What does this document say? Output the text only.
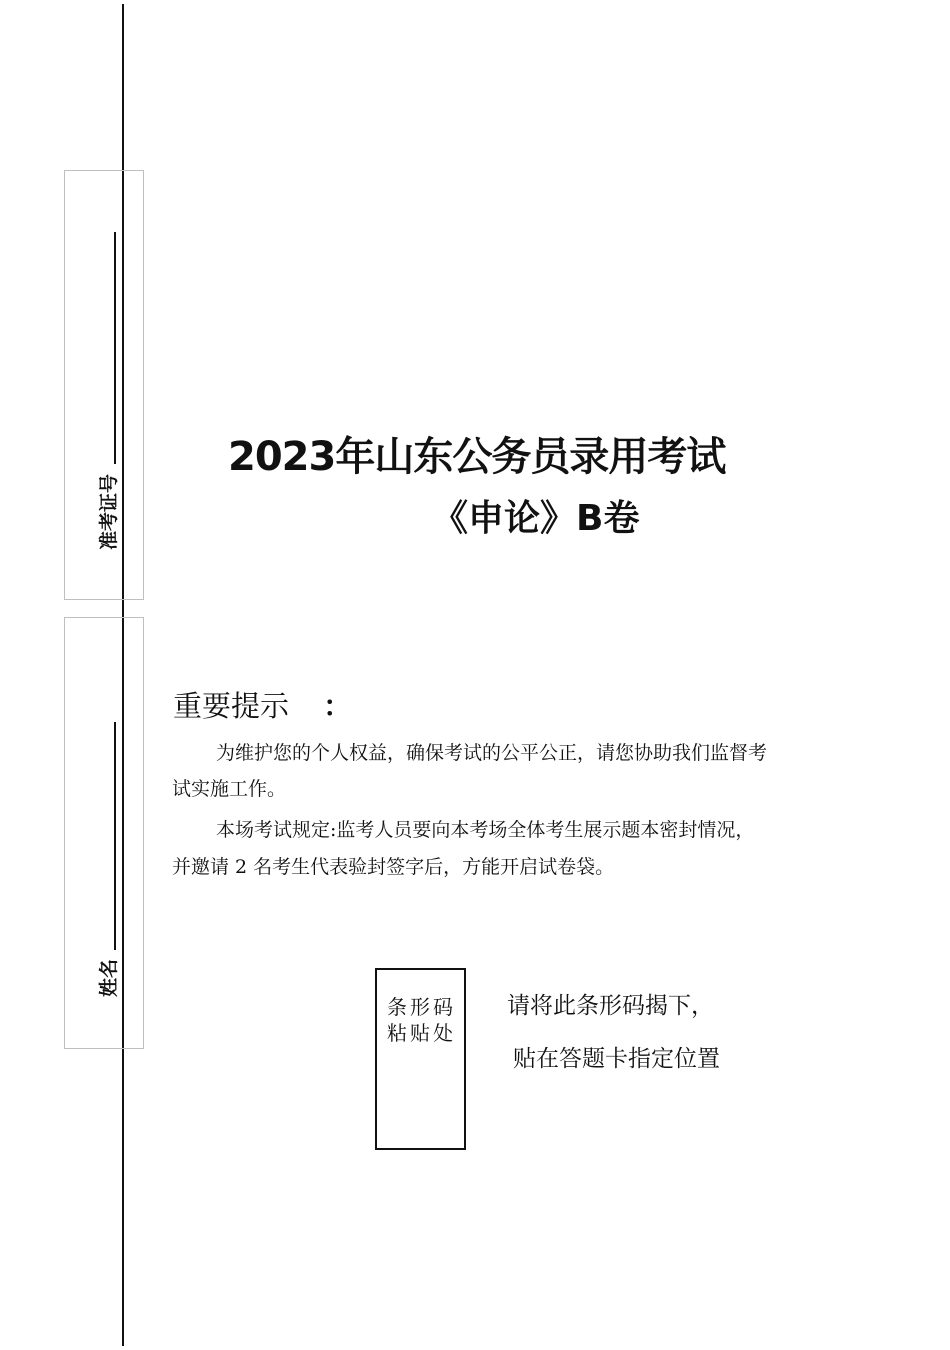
准考证号
姓名
2023年山东公务员录用考试
《申论》B卷
重要提示 ：
为维护您的个人权益，确保考试的公平公正，请您协助我们监督考
试实施工作。
本场考试规定:监考人员要向本考场全体考生展示题本密封情况，
并邀请 2 名考生代表验封签字后，方能开启试卷袋。
条形码粘贴处
请将此条形码揭下，
贴在答题卡指定位置
